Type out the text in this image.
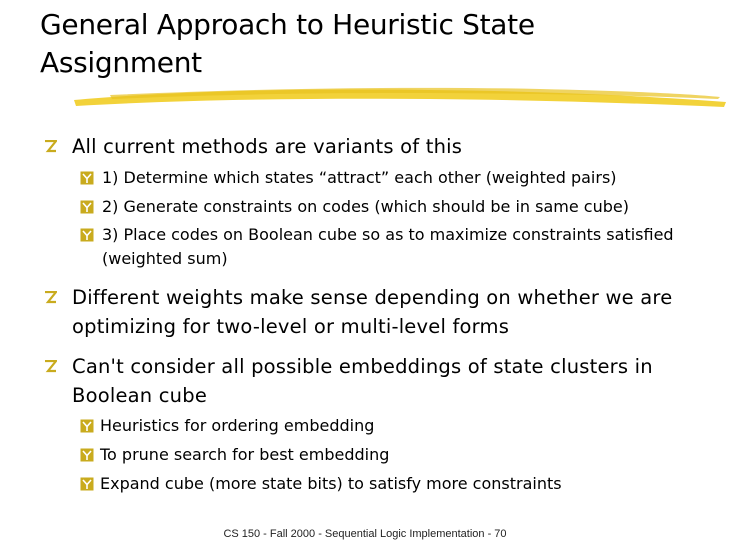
General Approach to Heuristic State Assignment
All current methods are variants of this
1) Determine which states “attract” each other (weighted pairs)
2) Generate constraints on codes (which should be in same cube)
3) Place codes on Boolean cube so as to maximize constraints satisfied (weighted sum)
Different weights make sense depending on whether we are optimizing for two-level or multi-level forms
Can't consider all possible embeddings of state clusters in Boolean cube
Heuristics for ordering embedding
To prune search for best embedding
Expand cube (more state bits) to satisfy more constraints
CS 150 - Fall 2000 - Sequential Logic Implementation - 70
